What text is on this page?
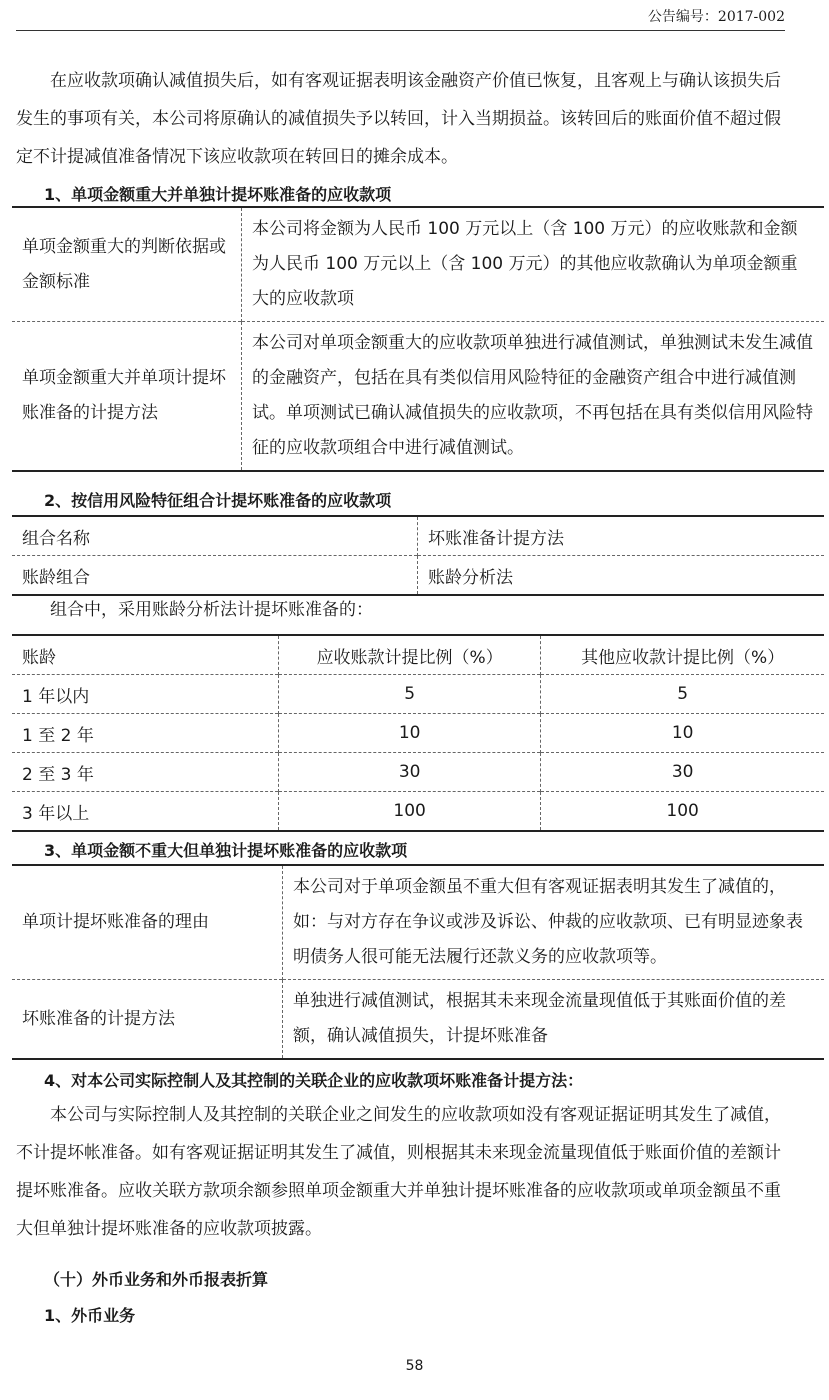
公告编号：2017-002
在应收款项确认减值损失后，如有客观证据表明该金融资产价值已恢复，且客观上与确认该损失后发生的事项有关，本公司将原确认的减值损失予以转回，计入当期损益。该转回后的账面价值不超过假定不计提减值准备情况下该应收款项在转回日的摊余成本。
1、单项金额重大并单独计提坏账准备的应收款项
单项金额重大的判断依据或金额标准	本公司将金额为人民币 100 万元以上（含 100 万元）的应收账款和金额为人民币 100 万元以上（含 100 万元）的其他应收款确认为单项金额重大的应收款项
单项金额重大并单项计提坏账准备的计提方法	本公司对单项金额重大的应收款项单独进行减值测试，单独测试未发生减值的金融资产，包括在具有类似信用风险特征的金融资产组合中进行减值测试。单项测试已确认减值损失的应收款项，不再包括在具有类似信用风险特征的应收款项组合中进行减值测试。
2、按信用风险特征组合计提坏账准备的应收款项
组合名称	坏账准备计提方法
账龄组合	账龄分析法
组合中，采用账龄分析法计提坏账准备的：
账龄	应收账款计提比例（%）	其他应收款计提比例（%）
1 年以内	5	5
1 至 2 年	10	10
2 至 3 年	30	30
3 年以上	100	100
3、单项金额不重大但单独计提坏账准备的应收款项
单项计提坏账准备的理由	本公司对于单项金额虽不重大但有客观证据表明其发生了减值的，如：与对方存在争议或涉及诉讼、仲裁的应收款项、已有明显迹象表明债务人很可能无法履行还款义务的应收款项等。
坏账准备的计提方法	单独进行减值测试，根据其未来现金流量现值低于其账面价值的差额，确认减值损失，计提坏账准备
4、对本公司实际控制人及其控制的关联企业的应收款项坏账准备计提方法：
本公司与实际控制人及其控制的关联企业之间发生的应收款项如没有客观证据证明其发生了减值，不计提坏帐准备。如有客观证据证明其发生了减值，则根据其未来现金流量现值低于账面价值的差额计提坏账准备。应收关联方款项余额参照单项金额重大并单独计提坏账准备的应收款项或单项金额虽不重大但单独计提坏账准备的应收款项披露。
（十）外币业务和外币报表折算
1、外币业务
58
